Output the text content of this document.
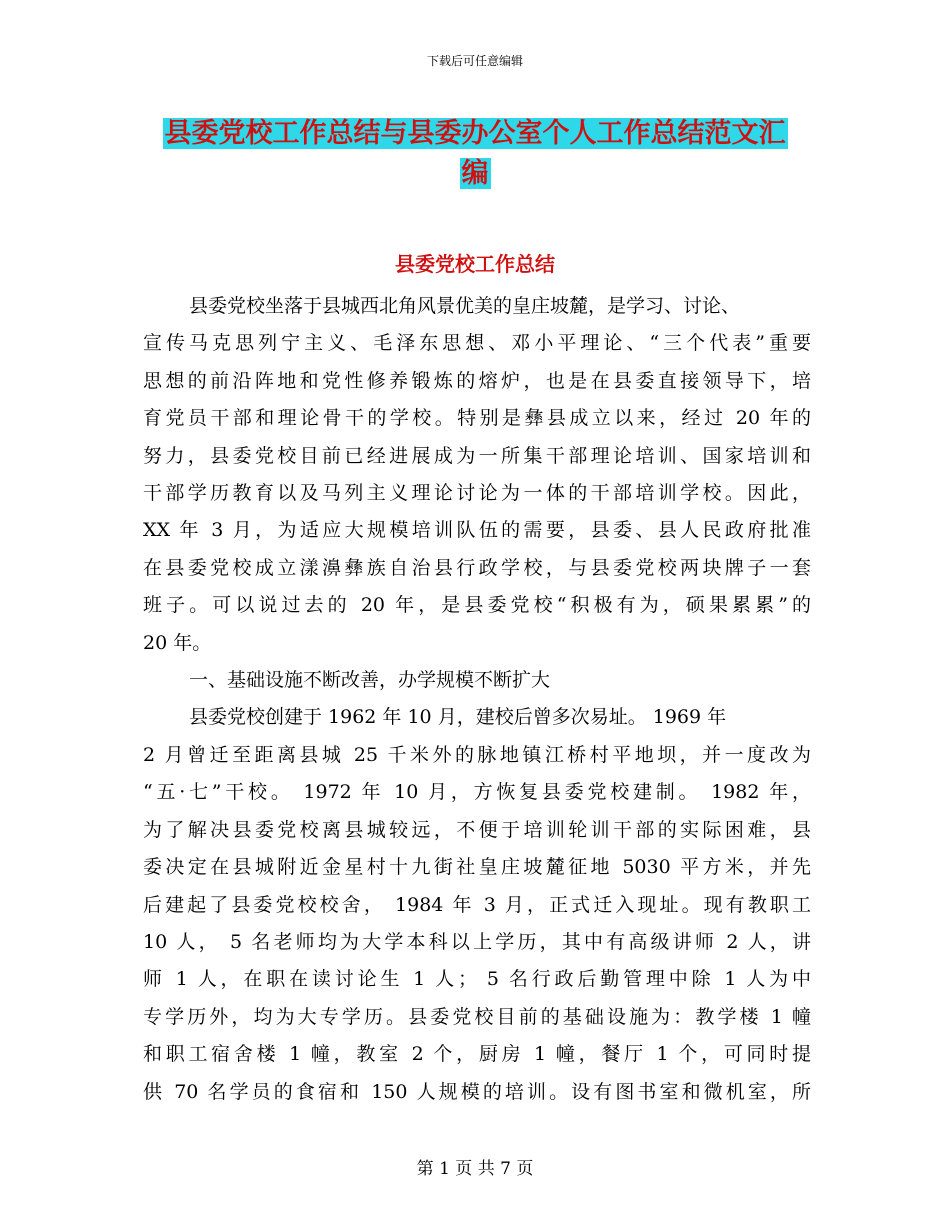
下载后可任意编辑
县委党校工作总结与县委办公室个人工作总结范文汇
编
县委党校工作总结
县委党校坐落于县城西北角风景优美的皇庄坡麓，是学习、讨论、
宣传马克思列宁主义、毛泽东思想、邓小平理论、“三个代表”重要
思想的前沿阵地和党性修养锻炼的熔炉，也是在县委直接领导下，培
育党员干部和理论骨干的学校。特别是彝县成立以来，经过 20 年的
努力，县委党校目前已经进展成为一所集干部理论培训、国家培训和
干部学历教育以及马列主义理论讨论为一体的干部培训学校。因此，
XX 年 3 月，为适应大规模培训队伍的需要，县委、县人民政府批准
在县委党校成立漾濞彝族自治县行政学校，与县委党校两块牌子一套
班子。可以说过去的 20 年，是县委党校“积极有为，硕果累累”的
20 年。
一、基础设施不断改善，办学规模不断扩大
县委党校创建于 1962 年 10 月，建校后曾多次易址。 1969 年
2 月曾迁至距离县城 25 千米外的脉地镇江桥村平地坝，并一度改为
“五·七”干校。 1972 年 10 月，方恢复县委党校建制。 1982 年，
为了解决县委党校离县城较远，不便于培训轮训干部的实际困难，县
委决定在县城附近金星村十九街社皇庄坡麓征地 5030 平方米，并先
后建起了县委党校校舍， 1984 年 3 月，正式迁入现址。现有教职工
10 人， 5 名老师均为大学本科以上学历，其中有高级讲师 2 人，讲
师 1 人，在职在读讨论生 1 人； 5 名行政后勤管理中除 1 人为中
专学历外，均为大专学历。县委党校目前的基础设施为：教学楼 1 幢
和职工宿舍楼 1 幢，教室 2 个，厨房 1 幢，餐厅 1 个，可同时提
供 70 名学员的食宿和 150 人规模的培训。设有图书室和微机室，所
第 1 页 共 7 页
